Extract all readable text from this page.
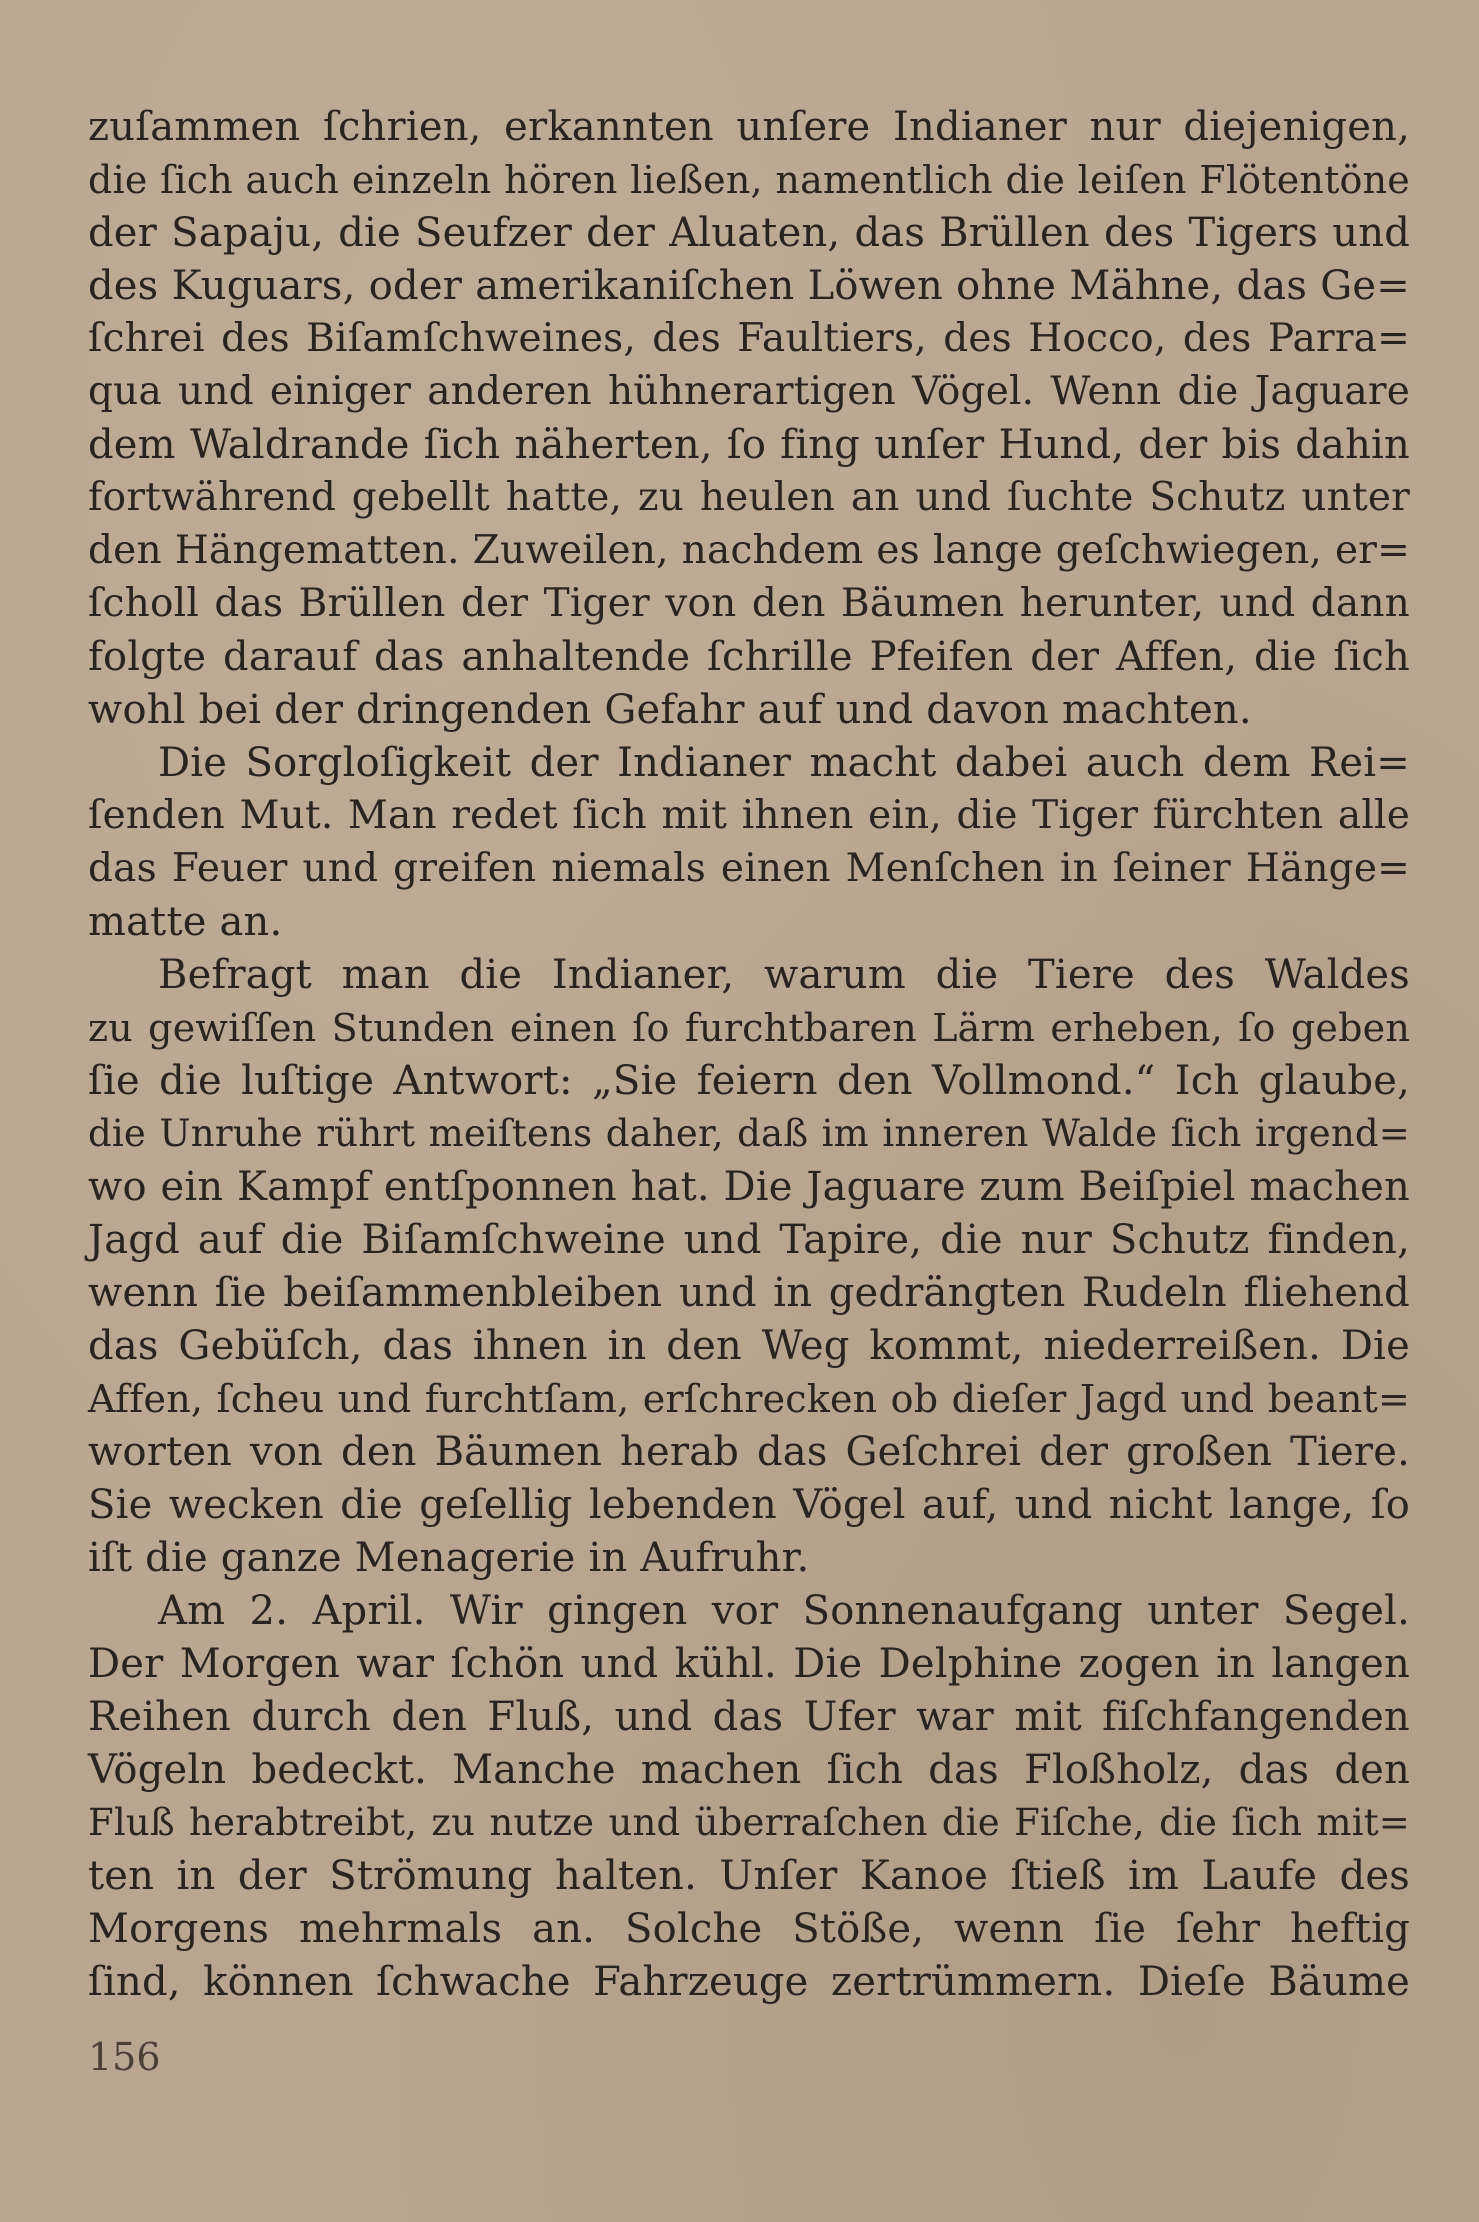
zuſammen ſchrien, erkannten unſere Indianer nur diejenigen,
die ſich auch einzeln hören ließen, namentlich die leiſen Flötentöne
der Sapaju, die Seufzer der Aluaten, das Brüllen des Tigers und
des Kuguars, oder amerikaniſchen Löwen ohne Mähne, das Ge=
ſchrei des Biſamſchweines, des Faultiers, des Hocco, des Parra=
qua und einiger anderen hühnerartigen Vögel. Wenn die Jaguare
dem Waldrande ſich näherten, ſo fing unſer Hund, der bis dahin
fortwährend gebellt hatte, zu heulen an und ſuchte Schutz unter
den Hängematten. Zuweilen, nachdem es lange geſchwiegen, er=
ſcholl das Brüllen der Tiger von den Bäumen herunter, und dann
folgte darauf das anhaltende ſchrille Pfeifen der Affen, die ſich
wohl bei der dringenden Gefahr auf und davon machten.
Die Sorgloſigkeit der Indianer macht dabei auch dem Rei=
ſenden Mut. Man redet ſich mit ihnen ein, die Tiger fürchten alle
das Feuer und greifen niemals einen Menſchen in ſeiner Hänge=
matte an.
Befragt man die Indianer, warum die Tiere des Waldes
zu gewiſſen Stunden einen ſo furchtbaren Lärm erheben, ſo geben
ſie die luſtige Antwort: „Sie feiern den Vollmond.“ Ich glaube,
die Unruhe rührt meiſtens daher, daß im inneren Walde ſich irgend=
wo ein Kampf entſponnen hat. Die Jaguare zum Beiſpiel machen
Jagd auf die Biſamſchweine und Tapire, die nur Schutz finden,
wenn ſie beiſammenbleiben und in gedrängten Rudeln fliehend
das Gebüſch, das ihnen in den Weg kommt, niederreißen. Die
Affen, ſcheu und furchtſam, erſchrecken ob dieſer Jagd und beant=
worten von den Bäumen herab das Geſchrei der großen Tiere.
Sie wecken die geſellig lebenden Vögel auf, und nicht lange, ſo
iſt die ganze Menagerie in Aufruhr.
Am 2. April. Wir gingen vor Sonnenaufgang unter Segel.
Der Morgen war ſchön und kühl. Die Delphine zogen in langen
Reihen durch den Fluß, und das Ufer war mit fiſchfangenden
Vögeln bedeckt. Manche machen ſich das Floßholz, das den
Fluß herabtreibt, zu nutze und überraſchen die Fiſche, die ſich mit=
ten in der Strömung halten. Unſer Kanoe ſtieß im Laufe des
Morgens mehrmals an. Solche Stöße, wenn ſie ſehr heftig
ſind, können ſchwache Fahrzeuge zertrümmern. Dieſe Bäume
156
